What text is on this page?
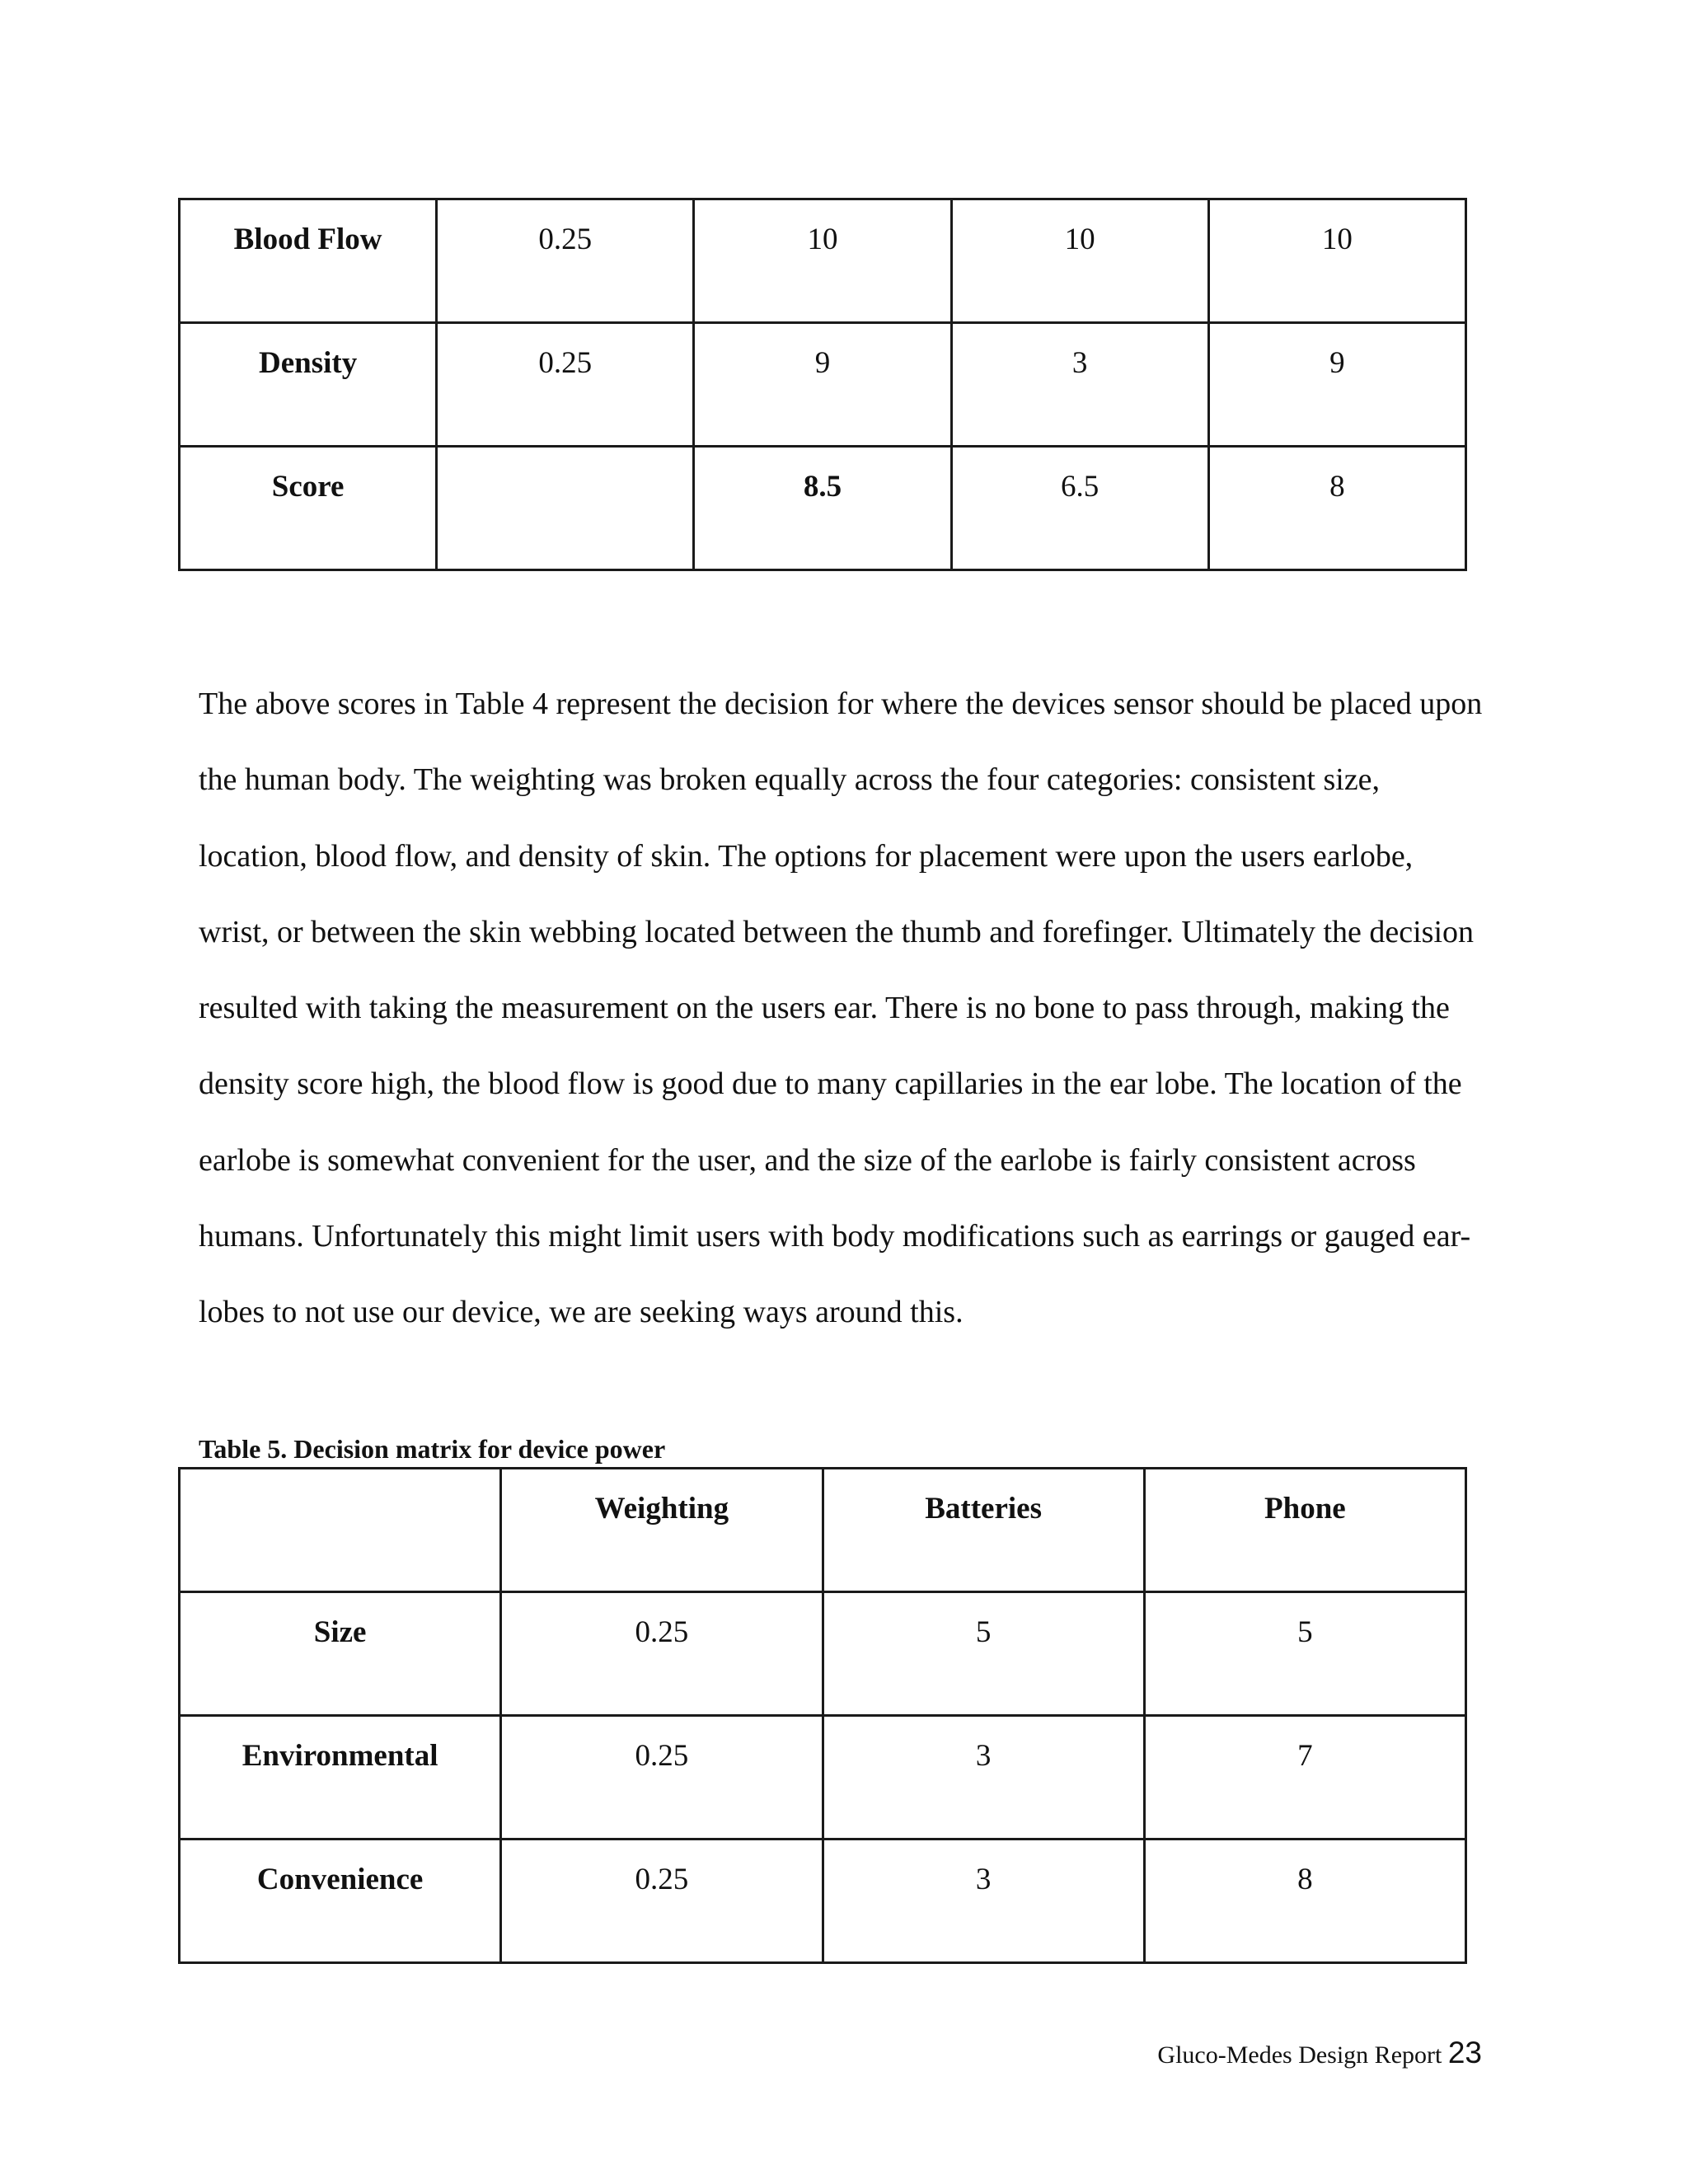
Blood Flow	0.25	10	10	10
Density	0.25	9	3	9
Score		8.5	6.5	8

The above scores in Table 4 represent the decision for where the devices sensor should be placed upon the human body. The weighting was broken equally across the four categories: consistent size, location, blood flow, and density of skin. The options for placement were upon the users earlobe, wrist, or between the skin webbing located between the thumb and forefinger. Ultimately the decision resulted with taking the measurement on the users ear. There is no bone to pass through, making the density score high, the blood flow is good due to many capillaries in the ear lobe. The location of the earlobe is somewhat convenient for the user, and the size of the earlobe is fairly consistent across humans. Unfortunately this might limit users with body modifications such as earrings or gauged ear-lobes to not use our device, we are seeking ways around this.

Table 5. Decision matrix for device power

	Weighting	Batteries	Phone
Size	0.25	5	5
Environmental	0.25	3	7
Convenience	0.25	3	8
Gluco-Medes Design Report 23
